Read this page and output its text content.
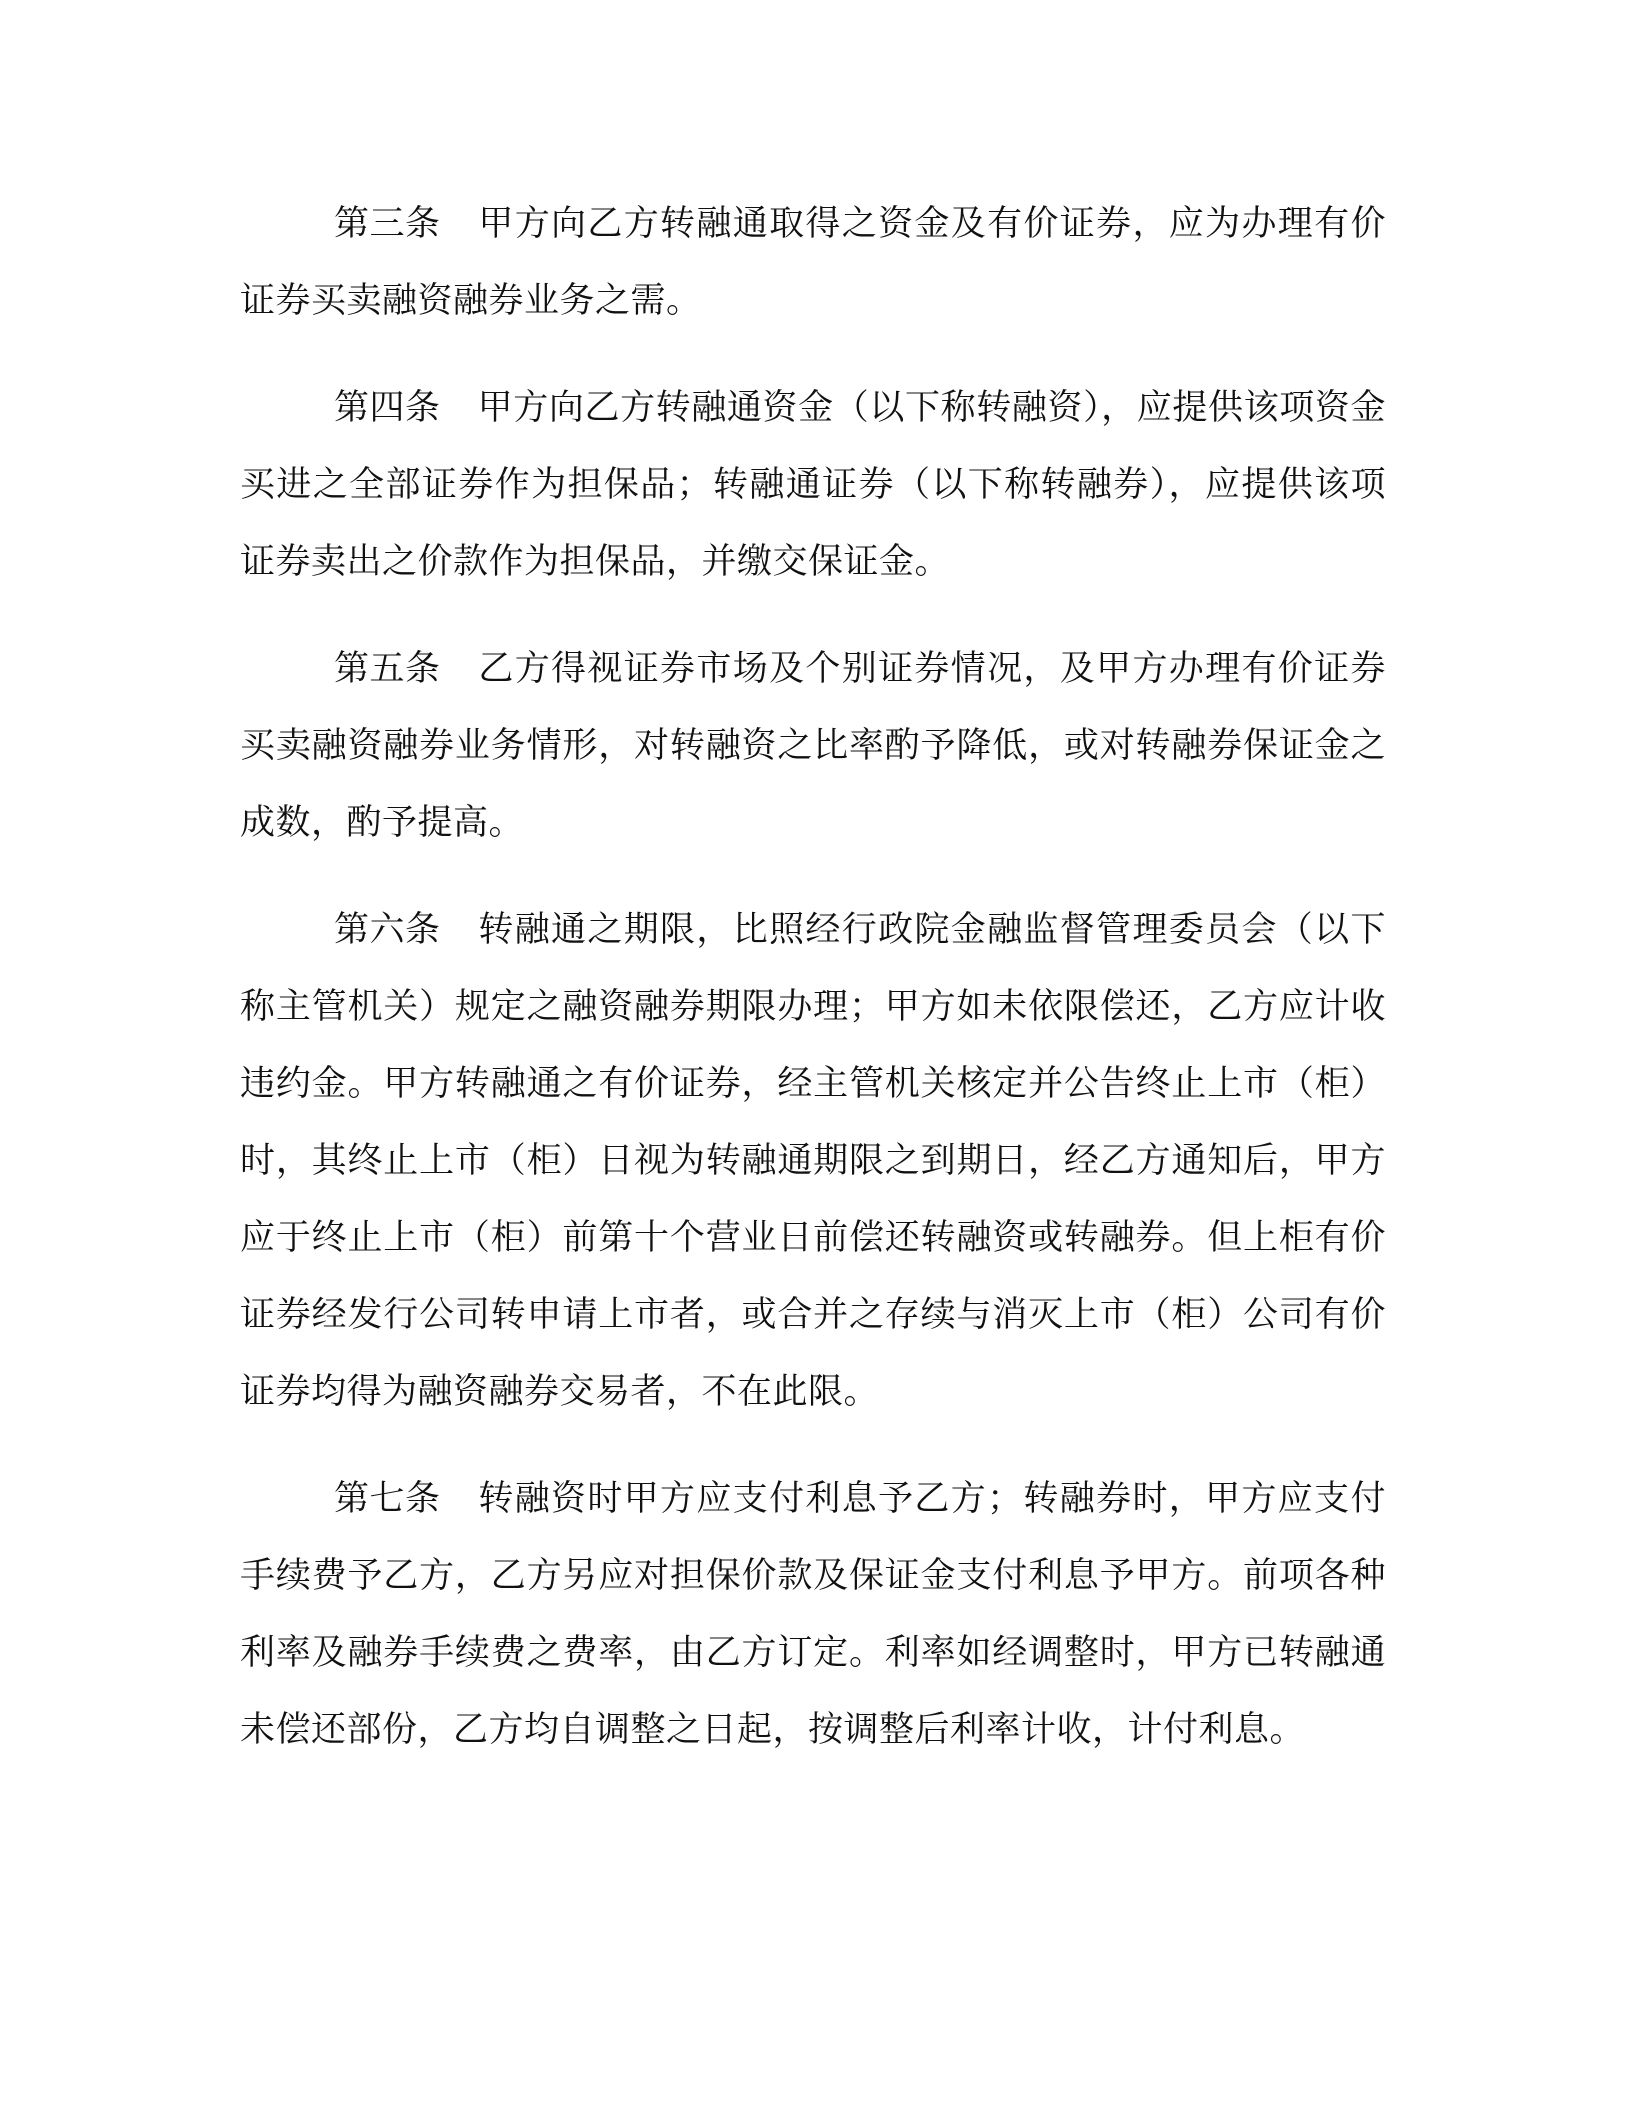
第三条 甲方向乙方转融通取得之资金及有价证券，应为办理有价证券买卖融资融券业务之需。

第四条 甲方向乙方转融通资金（以下称转融资），应提供该项资金买进之全部证券作为担保品；转融通证券（以下称转融券），应提供该项证券卖出之价款作为担保品，并缴交保证金。

第五条 乙方得视证券市场及个别证券情况，及甲方办理有价证券买卖融资融券业务情形，对转融资之比率酌予降低，或对转融券保证金之成数，酌予提高。

第六条 转融通之期限，比照经行政院金融监督管理委员会（以下称主管机关）规定之融资融券期限办理；甲方如未依限偿还，乙方应计收违约金。甲方转融通之有价证券，经主管机关核定并公告终止上市（柜）时，其终止上市（柜）日视为转融通期限之到期日，经乙方通知后，甲方应于终止上市（柜）前第十个营业日前偿还转融资或转融券。但上柜有价证券经发行公司转申请上市者，或合并之存续与消灭上市（柜）公司有价证券均得为融资融券交易者，不在此限。

第七条 转融资时甲方应支付利息予乙方；转融券时，甲方应支付手续费予乙方，乙方另应对担保价款及保证金支付利息予甲方。前项各种利率及融券手续费之费率，由乙方订定。利率如经调整时，甲方已转融通未偿还部份，乙方均自调整之日起，按调整后利率计收，计付利息。
